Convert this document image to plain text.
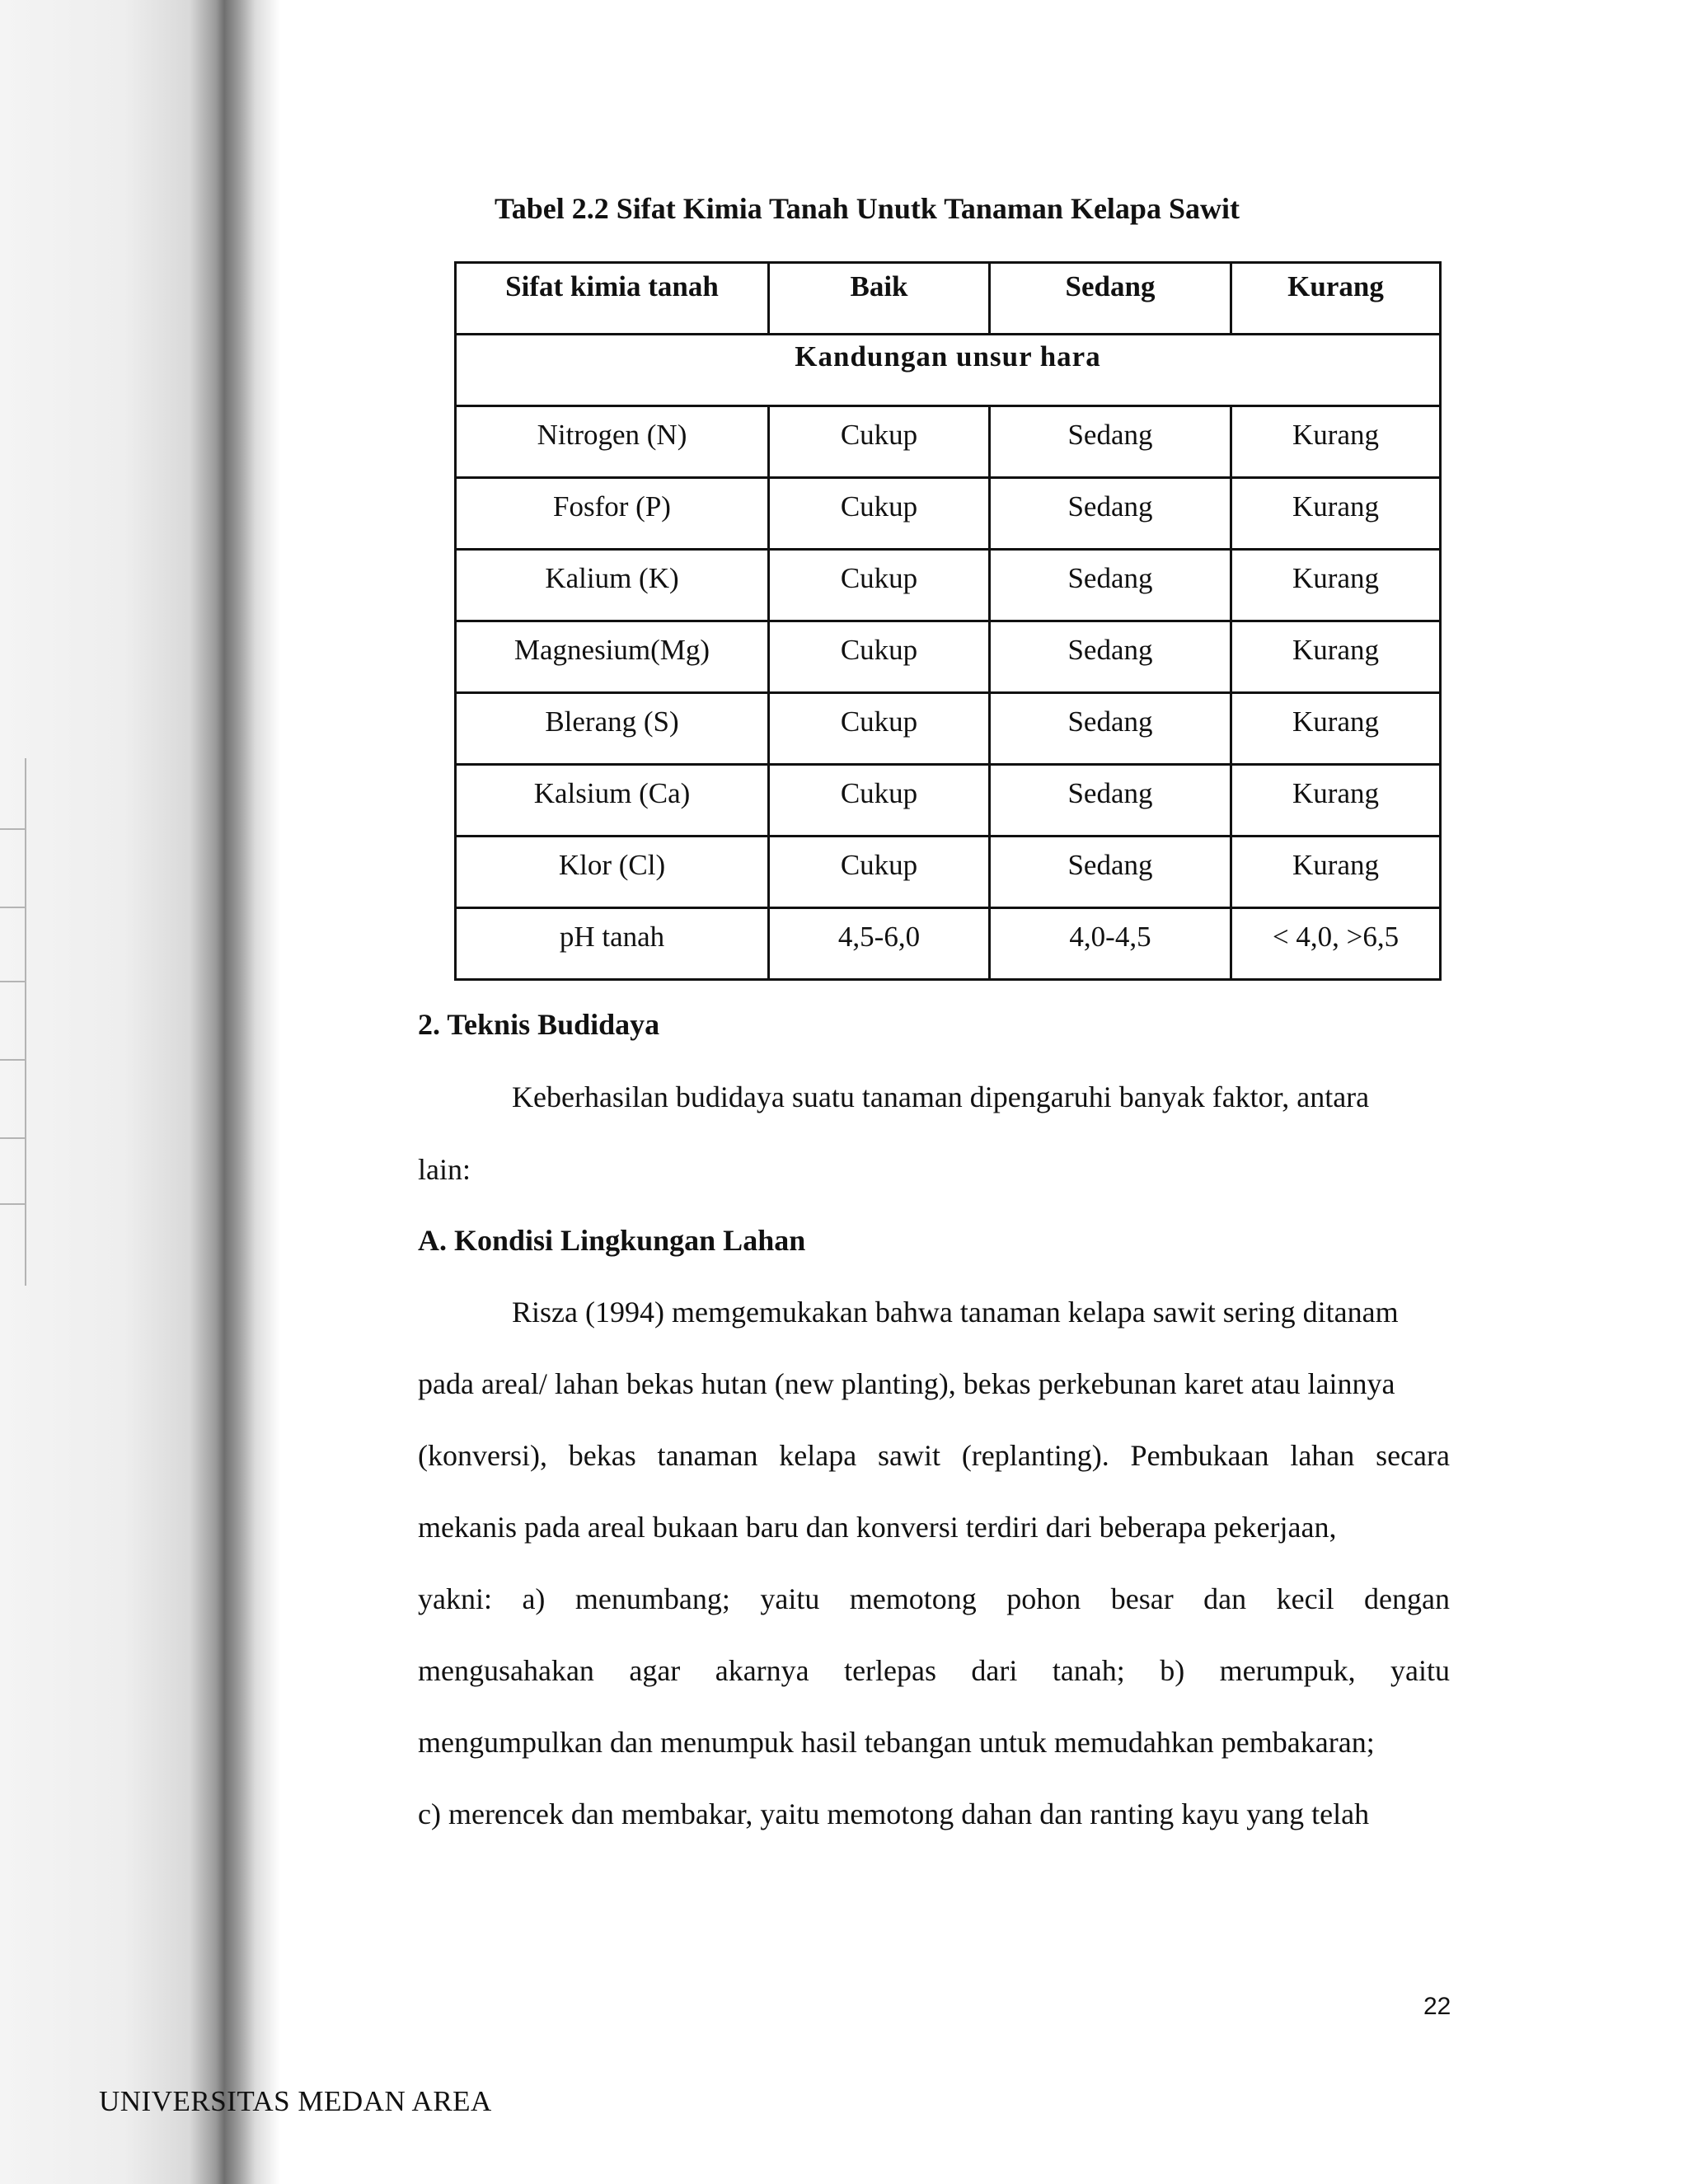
Tabel 2.2 Sifat Kimia Tanah Unutk Tanaman Kelapa Sawit
Sifat kimia tanah	Baik	Sedang	Kurang
Kandungan unsur hara			
Nitrogen (N)	Cukup	Sedang	Kurang
Fosfor (P)	Cukup	Sedang	Kurang
Kalium (K)	Cukup	Sedang	Kurang
Magnesium(Mg)	Cukup	Sedang	Kurang
Blerang (S)	Cukup	Sedang	Kurang
Kalsium (Ca)	Cukup	Sedang	Kurang
Klor (Cl)	Cukup	Sedang	Kurang
pH tanah	4,5-6,0	4,0-4,5	< 4,0, >6,5
2. Teknis Budidaya
Keberhasilan budidaya suatu tanaman dipengaruhi banyak faktor, antara
lain:
A. Kondisi Lingkungan Lahan
Risza (1994) memgemukakan bahwa tanaman kelapa sawit sering ditanam
pada areal/ lahan bekas hutan (new planting), bekas perkebunan karet atau lainnya
(konversi), bekas tanaman kelapa sawit (replanting). Pembukaan lahan secara
mekanis pada areal bukaan baru dan konversi terdiri dari beberapa pekerjaan,
yakni: a) menumbang; yaitu memotong pohon besar dan kecil dengan
mengusahakan agar akarnya terlepas dari tanah; b) merumpuk, yaitu
mengumpulkan dan menumpuk hasil tebangan untuk memudahkan pembakaran;
c) merencek dan membakar, yaitu memotong dahan dan ranting kayu yang telah
22
UNIVERSITAS MEDAN AREA
